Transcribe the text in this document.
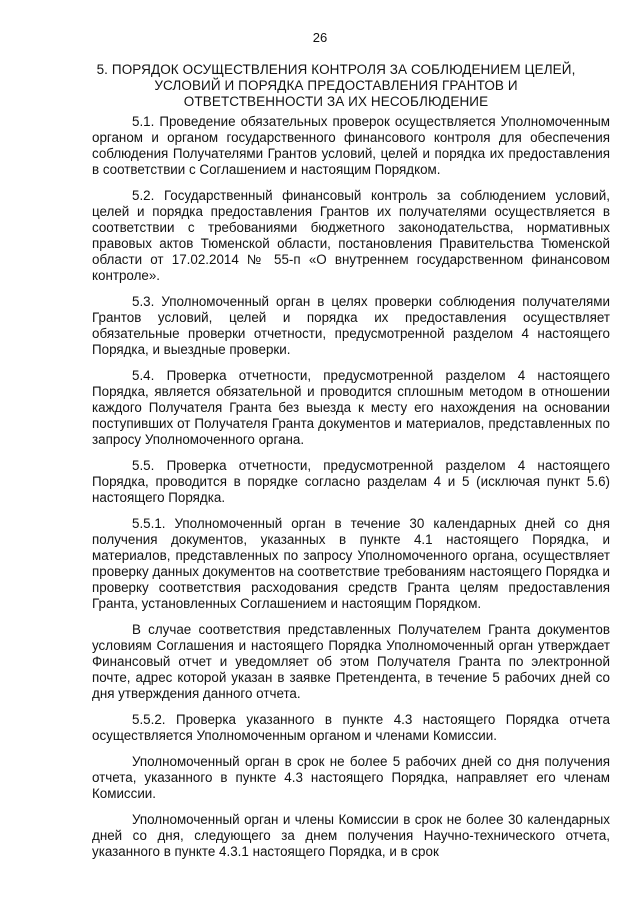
26
5. ПОРЯДОК ОСУЩЕСТВЛЕНИЯ КОНТРОЛЯ ЗА СОБЛЮДЕНИЕМ ЦЕЛЕЙ,
УСЛОВИЙ И ПОРЯДКА ПРЕДОСТАВЛЕНИЯ ГРАНТОВ И
ОТВЕТСТВЕННОСТИ ЗА ИХ НЕСОБЛЮДЕНИЕ

5.1. Проведение обязательных проверок осуществляется Уполномоченным органом и органом государственного финансового контроля для обеспечения соблюдения Получателями Грантов условий, целей и порядка их предоставления в соответствии с Соглашением и настоящим Порядком.

5.2. Государственный финансовый контроль за соблюдением условий, целей и порядка предоставления Грантов их получателями осуществляется в соответствии с требованиями бюджетного законодательства, нормативных правовых актов Тюменской области, постановления Правительства Тюменской области от 17.02.2014 № 55-п «О внутреннем государственном финансовом контроле».

5.3. Уполномоченный орган в целях проверки соблюдения получателями Грантов условий, целей и порядка их предоставления осуществляет обязательные проверки отчетности, предусмотренной разделом 4 настоящего Порядка, и выездные проверки.

5.4. Проверка отчетности, предусмотренной разделом 4 настоящего Порядка, является обязательной и проводится сплошным методом в отношении каждого Получателя Гранта без выезда к месту его нахождения на основании поступивших от Получателя Гранта документов и материалов, представленных по запросу Уполномоченного органа.

5.5. Проверка отчетности, предусмотренной разделом 4 настоящего Порядка, проводится в порядке согласно разделам 4 и 5 (исключая пункт 5.6) настоящего Порядка.

5.5.1. Уполномоченный орган в течение 30 календарных дней со дня получения документов, указанных в пункте 4.1 настоящего Порядка, и материалов, представленных по запросу Уполномоченного органа, осуществляет проверку данных документов на соответствие требованиям настоящего Порядка и проверку соответствия расходования средств Гранта целям предоставления Гранта, установленных Соглашением и настоящим Порядком.

В случае соответствия представленных Получателем Гранта документов условиям Соглашения и настоящего Порядка Уполномоченный орган утверждает Финансовый отчет и уведомляет об этом Получателя Гранта по электронной почте, адрес которой указан в заявке Претендента, в течение 5 рабочих дней со дня утверждения данного отчета.

5.5.2. Проверка указанного в пункте 4.3 настоящего Порядка отчета осуществляется Уполномоченным органом и членами Комиссии.

Уполномоченный орган в срок не более 5 рабочих дней со дня получения отчета, указанного в пункте 4.3 настоящего Порядка, направляет его членам Комиссии.

Уполномоченный орган и члены Комиссии в срок не более 30 календарных дней со дня, следующего за днем получения Научно-технического отчета, указанного в пункте 4.3.1 настоящего Порядка, и в срок
